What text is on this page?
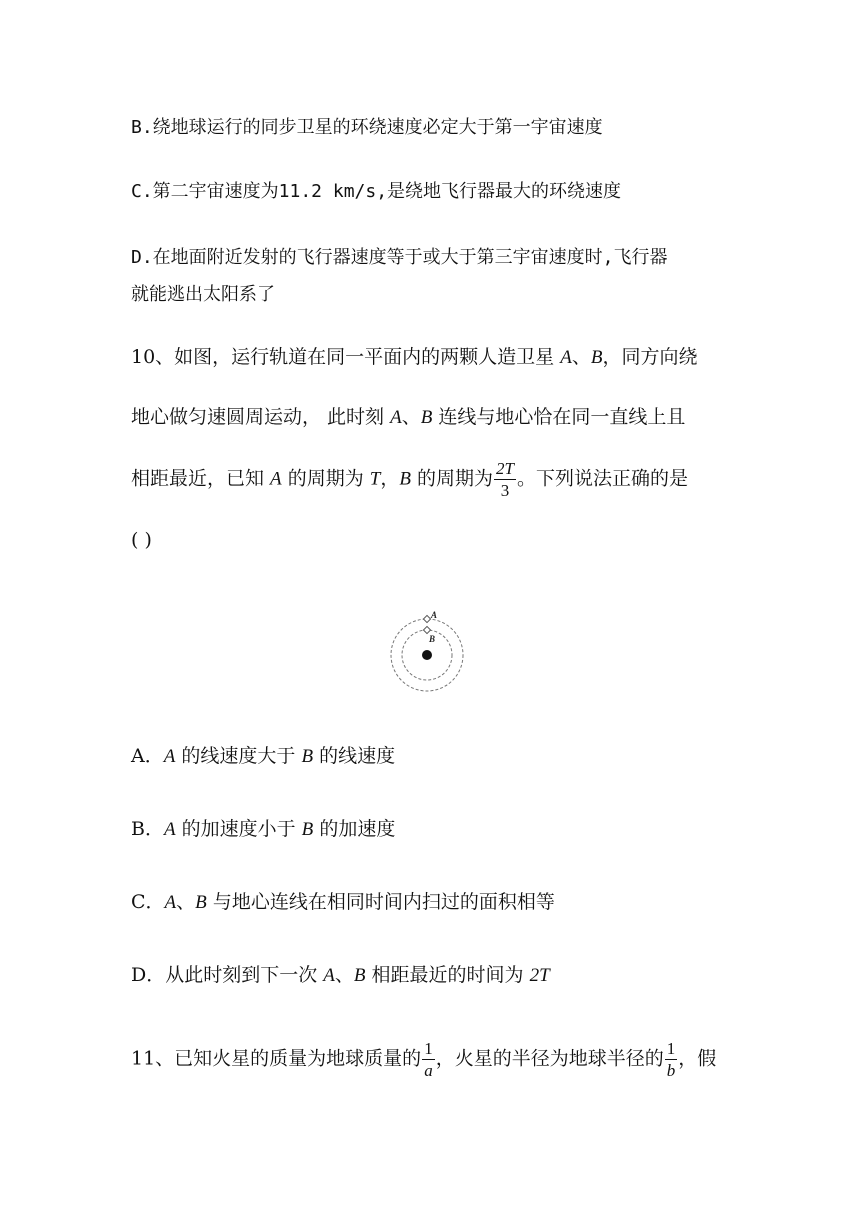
B.绕地球运行的同步卫星的环绕速度必定大于第一宇宙速度
C.第二宇宙速度为11.2 km/s,是绕地飞行器最大的环绕速度
D.在地面附近发射的飞行器速度等于或大于第三宇宙速度时,飞行器
就能逃出太阳系了
10、如图，运行轨道在同一平面内的两颗人造卫星 A、B，同方向绕
地心做匀速圆周运动， 此时刻 A、B 连线与地心恰在同一直线上且
相距最近，已知 A 的周期为 T，B 的周期为 $\frac{2T}{3}$ 。下列说法正确的是
( )
A
B
A．A 的线速度大于 B 的线速度
B．A 的加速度小于 B 的加速度
C．A、B 与地心连线在相同时间内扫过的面积相等
D．从此时刻到下一次 A、B 相距最近的时间为 2T
11、已知火星的质量为地球质量的 $\frac{1}{a}$ ，火星的半径为地球半径的 $\frac{1}{b}$ ，假
